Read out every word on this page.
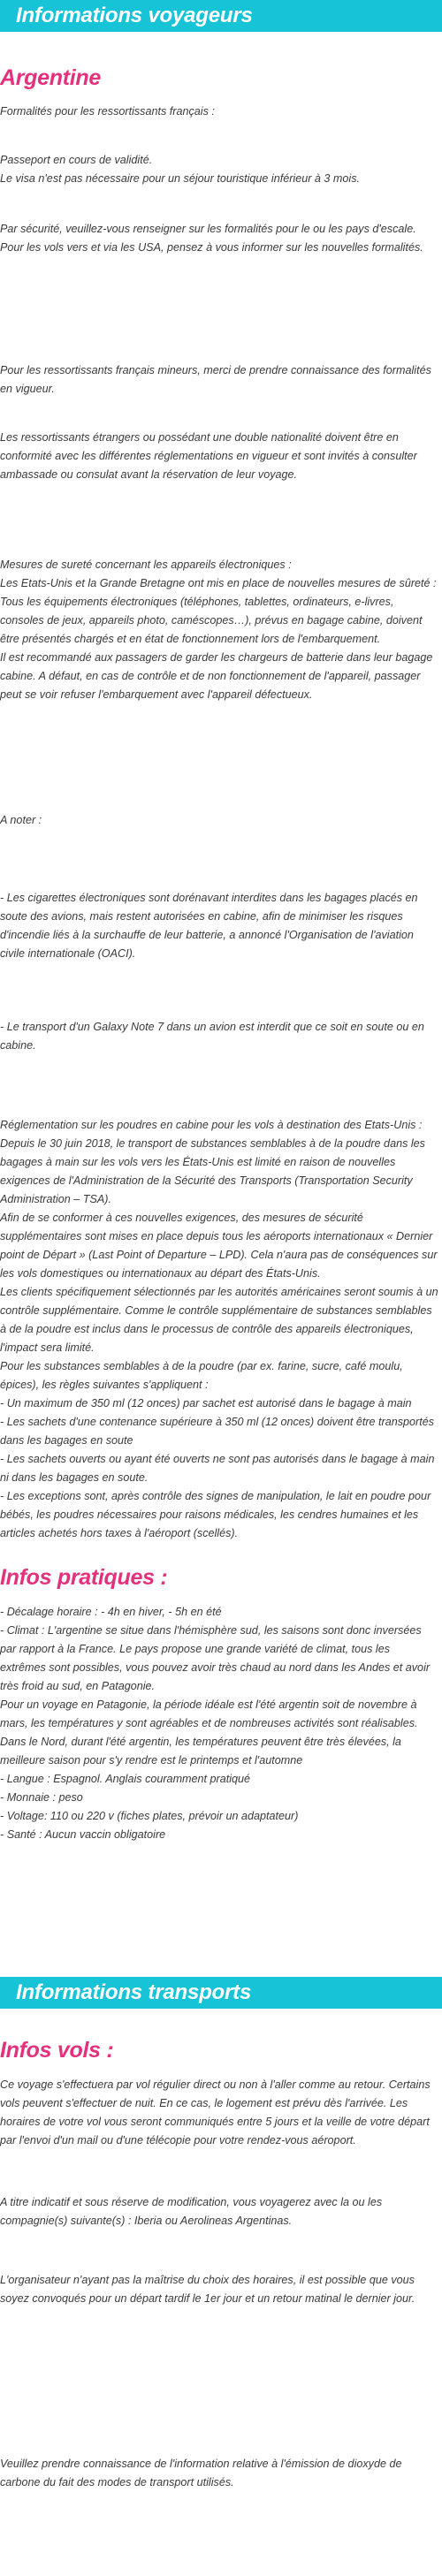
Informations voyageurs
Argentine

Formalités pour les ressortissants français :

Passeport en cours de validité.
Le visa n'est pas nécessaire pour un séjour touristique inférieur à 3 mois.

Par sécurité, veuillez-vous renseigner sur les formalités pour le ou les pays d'escale.
Pour les vols vers et via les USA, pensez à vous informer sur les nouvelles formalités.

Pour les ressortissants français mineurs, merci de prendre connaissance des formalités en vigueur.

Les ressortissants étrangers ou possédant une double nationalité doivent être en conformité avec les différentes réglementations en vigueur et sont invités à consulter ambassade ou consulat avant la réservation de leur voyage.

Mesures de sureté concernant les appareils électroniques :
Les Etats-Unis et la Grande Bretagne ont mis en place de nouvelles mesures de sûreté : Tous les équipements électroniques (téléphones, tablettes, ordinateurs, e-livres, consoles de jeux, appareils photo, caméscopes…), prévus en bagage cabine, doivent être présentés chargés et en état de fonctionnement lors de l'embarquement.
Il est recommandé aux passagers de garder les chargeurs de batterie dans leur bagage cabine. A défaut, en cas de contrôle et de non fonctionnement de l'appareil, passager peut se voir refuser l'embarquement avec l'appareil défectueux.

A noter :

- Les cigarettes électroniques sont dorénavant interdites dans les bagages placés en soute des avions, mais restent autorisées en cabine, afin de minimiser les risques d'incendie liés à la surchauffe de leur batterie, a annoncé l'Organisation de l'aviation civile internationale (OACI).

- Le transport d'un Galaxy Note 7 dans un avion est interdit que ce soit en soute ou en cabine.

Réglementation sur les poudres en cabine pour les vols à destination des Etats-Unis :
Depuis le 30 juin 2018, le transport de substances semblables à de la poudre dans les bagages à main sur les vols vers les États-Unis est limité en raison de nouvelles exigences de l'Administration de la Sécurité des Transports (Transportation Security Administration – TSA).
Afin de se conformer à ces nouvelles exigences, des mesures de sécurité supplémentaires sont mises en place depuis tous les aéroports internationaux « Dernier point de Départ » (Last Point of Departure – LPD). Cela n'aura pas de conséquences sur les vols domestiques ou internationaux au départ des États-Unis.
Les clients spécifiquement sélectionnés par les autorités américaines seront soumis à un contrôle supplémentaire. Comme le contrôle supplémentaire de substances semblables à de la poudre est inclus dans le processus de contrôle des appareils électroniques, l'impact sera limité.
Pour les substances semblables à de la poudre (par ex. farine, sucre, café moulu, épices), les règles suivantes s'appliquent :
- Un maximum de 350 ml (12 onces) par sachet est autorisé dans le bagage à main
- Les sachets d'une contenance supérieure à 350 ml (12 onces) doivent être transportés dans les bagages en soute
- Les sachets ouverts ou ayant été ouverts ne sont pas autorisés dans le bagage à main ni dans les bagages en soute.
- Les exceptions sont, après contrôle des signes de manipulation, le lait en poudre pour bébés, les poudres nécessaires pour raisons médicales, les cendres humaines et les articles achetés hors taxes à l'aéroport (scellés).

Infos pratiques :

- Décalage horaire : - 4h en hiver, - 5h en été
- Climat : L'argentine se situe dans l'hémisphère sud, les saisons sont donc inversées par rapport à la France. Le pays propose une grande variété de climat, tous les extrêmes sont possibles, vous pouvez avoir très chaud au nord dans les Andes et avoir très froid au sud, en Patagonie.
Pour un voyage en Patagonie, la période idéale est l'été argentin soit de novembre à mars, les températures y sont agréables et de nombreuses activités sont réalisables.
Dans le Nord, durant l'été argentin, les températures peuvent être très élevées, la meilleure saison pour s'y rendre est le printemps et l'automne
- Langue : Espagnol. Anglais couramment pratiqué
- Monnaie : peso
- Voltage: 110 ou 220 v (fiches plates, prévoir un adaptateur)
- Santé : Aucun vaccin obligatoire

Informations transports
Infos vols :

Ce voyage s'effectuera par vol régulier direct ou non à l'aller comme au retour. Certains vols peuvent s'effectuer de nuit. En ce cas, le logement est prévu dès l'arrivée. Les horaires de votre vol vous seront communiqués entre 5 jours et la veille de votre départ par l'envoi d'un mail ou d'une télécopie pour votre rendez-vous aéroport.

A titre indicatif et sous réserve de modification, vous voyagerez avec la ou les compagnie(s) suivante(s) : Iberia ou Aerolineas Argentinas.

L'organisateur n'ayant pas la maîtrise du choix des horaires, il est possible que vous soyez convoqués pour un départ tardif le 1er jour et un retour matinal le dernier jour.

Veuillez prendre connaissance de l'information relative à l'émission de dioxyde de carbone du fait des modes de transport utilisés.
